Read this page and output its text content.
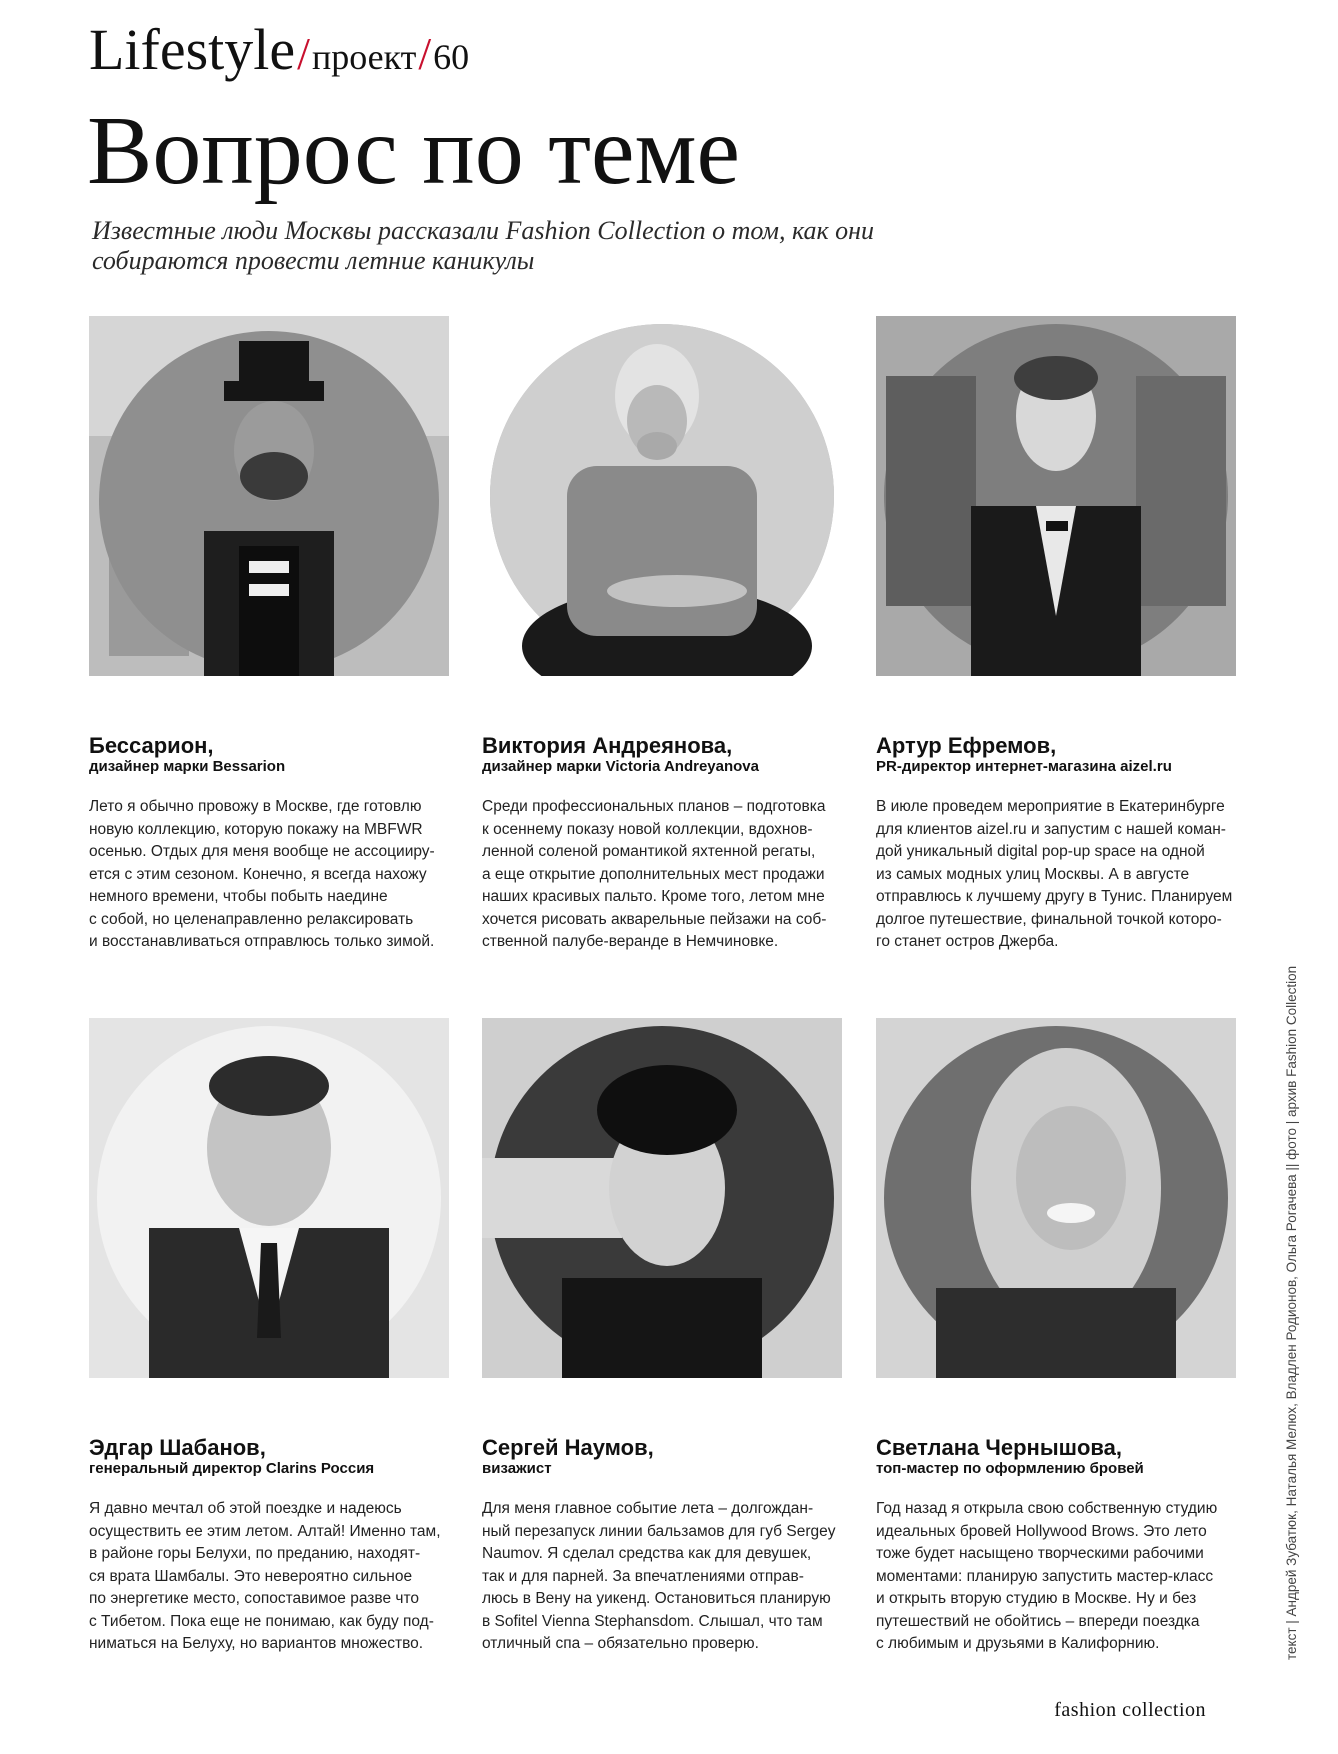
Lifestyle/проект/60
Вопрос по теме
Известные люди Москвы рассказали Fashion Collection о том, как они собираются провести летние каникулы
Бессарион,
дизайнер марки Bessarion
Лето я обычно провожу в Москве, где готовлю
новую коллекцию, которую покажу на MBFWR
осенью. Отдых для меня вообще не ассоцииру-
ется с этим сезоном. Конечно, я всегда нахожу
немного времени, чтобы побыть наедине
с собой, но целенаправленно релаксировать
и восстанавливаться отправлюсь только зимой.
Виктория Андреянова,
дизайнер марки Victoria Andreyanova
Среди профессиональных планов – подготовка
к осеннему показу новой коллекции, вдохнов-
ленной соленой романтикой яхтенной регаты,
а еще открытие дополнительных мест продажи
наших красивых пальто. Кроме того, летом мне
хочется рисовать акварельные пейзажи на соб-
ственной палубе-веранде в Немчиновке.
Артур Ефремов,
PR-директор интернет-магазина aizel.ru
В июле проведем мероприятие в Екатеринбурге
для клиентов aizel.ru и запустим с нашей коман-
дой уникальный digital pop-up space на одной
из самых модных улиц Москвы. А в августе
отправлюсь к лучшему другу в Тунис. Планируем
долгое путешествие, финальной точкой которо-
го станет остров Джерба.
Эдгар Шабанов,
генеральный директор Clarins Россия
Я давно мечтал об этой поездке и надеюсь
осуществить ее этим летом. Алтай! Именно там,
в районе горы Белухи, по преданию, находят-
ся врата Шамбалы. Это невероятно сильное
по энергетике место, сопоставимое разве что
с Тибетом. Пока еще не понимаю, как буду под-
ниматься на Белуху, но вариантов множество.
Сергей Наумов,
визажист
Для меня главное событие лета – долгождан-
ный перезапуск линии бальзамов для губ Sergey
Naumov. Я сделал средства как для девушек,
так и для парней. За впечатлениями отправ-
люсь в Вену на уикенд. Остановиться планирую
в Sofitel Vienna Stephansdom. Слышал, что там
отличный спа – обязательно проверю.
Светлана Чернышова,
топ-мастер по оформлению бровей
Год назад я открыла свою собственную студию
идеальных бровей Hollywood Brows. Это лето
тоже будет насыщено творческими рабочими
моментами: планирую запустить мастер-класс
и открыть вторую студию в Москве. Ну и без
путешествий не обойтись – впереди поездка
с любимым и друзьями в Калифорнию.	текст | Андрей Зубатюк, Наталья Мелюх, Владлен Родионов, Ольга Рогачева || фото | архив Fashion Collection
fashion collection
